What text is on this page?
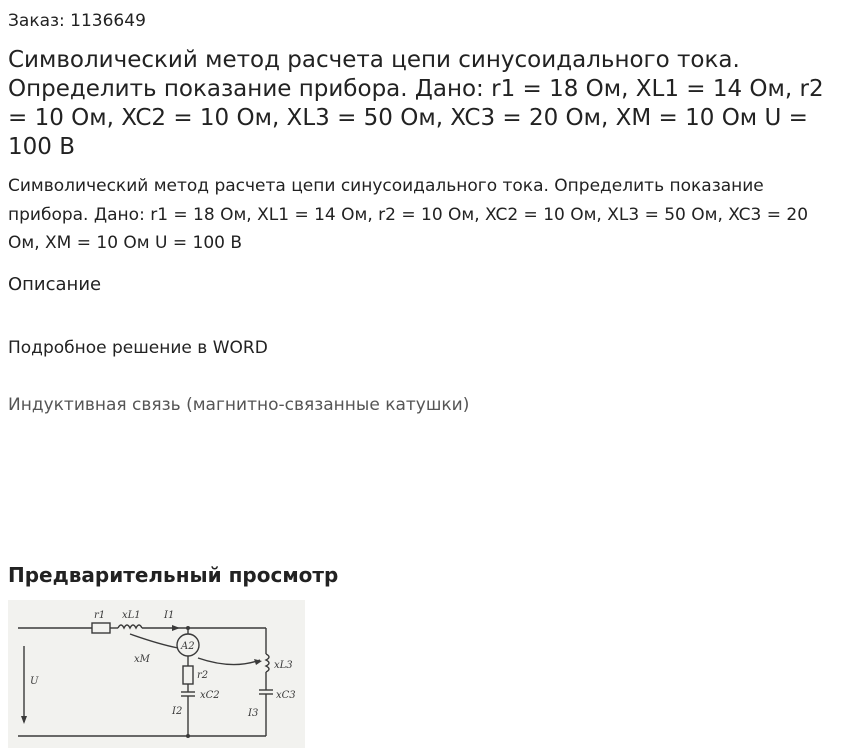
Заказ: 1136649
Символический метод расчета цепи синусоидального тока. Определить показание прибора. Дано: r1 = 18 Ом, XL1 = 14 Ом, r2 = 10 Ом, XC2 = 10 Ом, XL3 = 50 Ом, XC3 = 20 Ом, XM = 10 Ом U = 100 В

Символический метод расчета цепи синусоидального тока. Определить показание прибора. Дано: r1 = 18 Ом, XL1 = 14 Ом, r2 = 10 Ом, XC2 = 10 Ом, XL3 = 50 Ом, XC3 = 20 Ом, XM = 10 Ом U = 100 В

Описание
Подробное решение в WORD
Индуктивная связь (магнитно-связанные катушки)
Предварительный просмотр
r1 xL1 I1
A2
xM
xL3
U
r2
xC2	xC3
I2	I3
